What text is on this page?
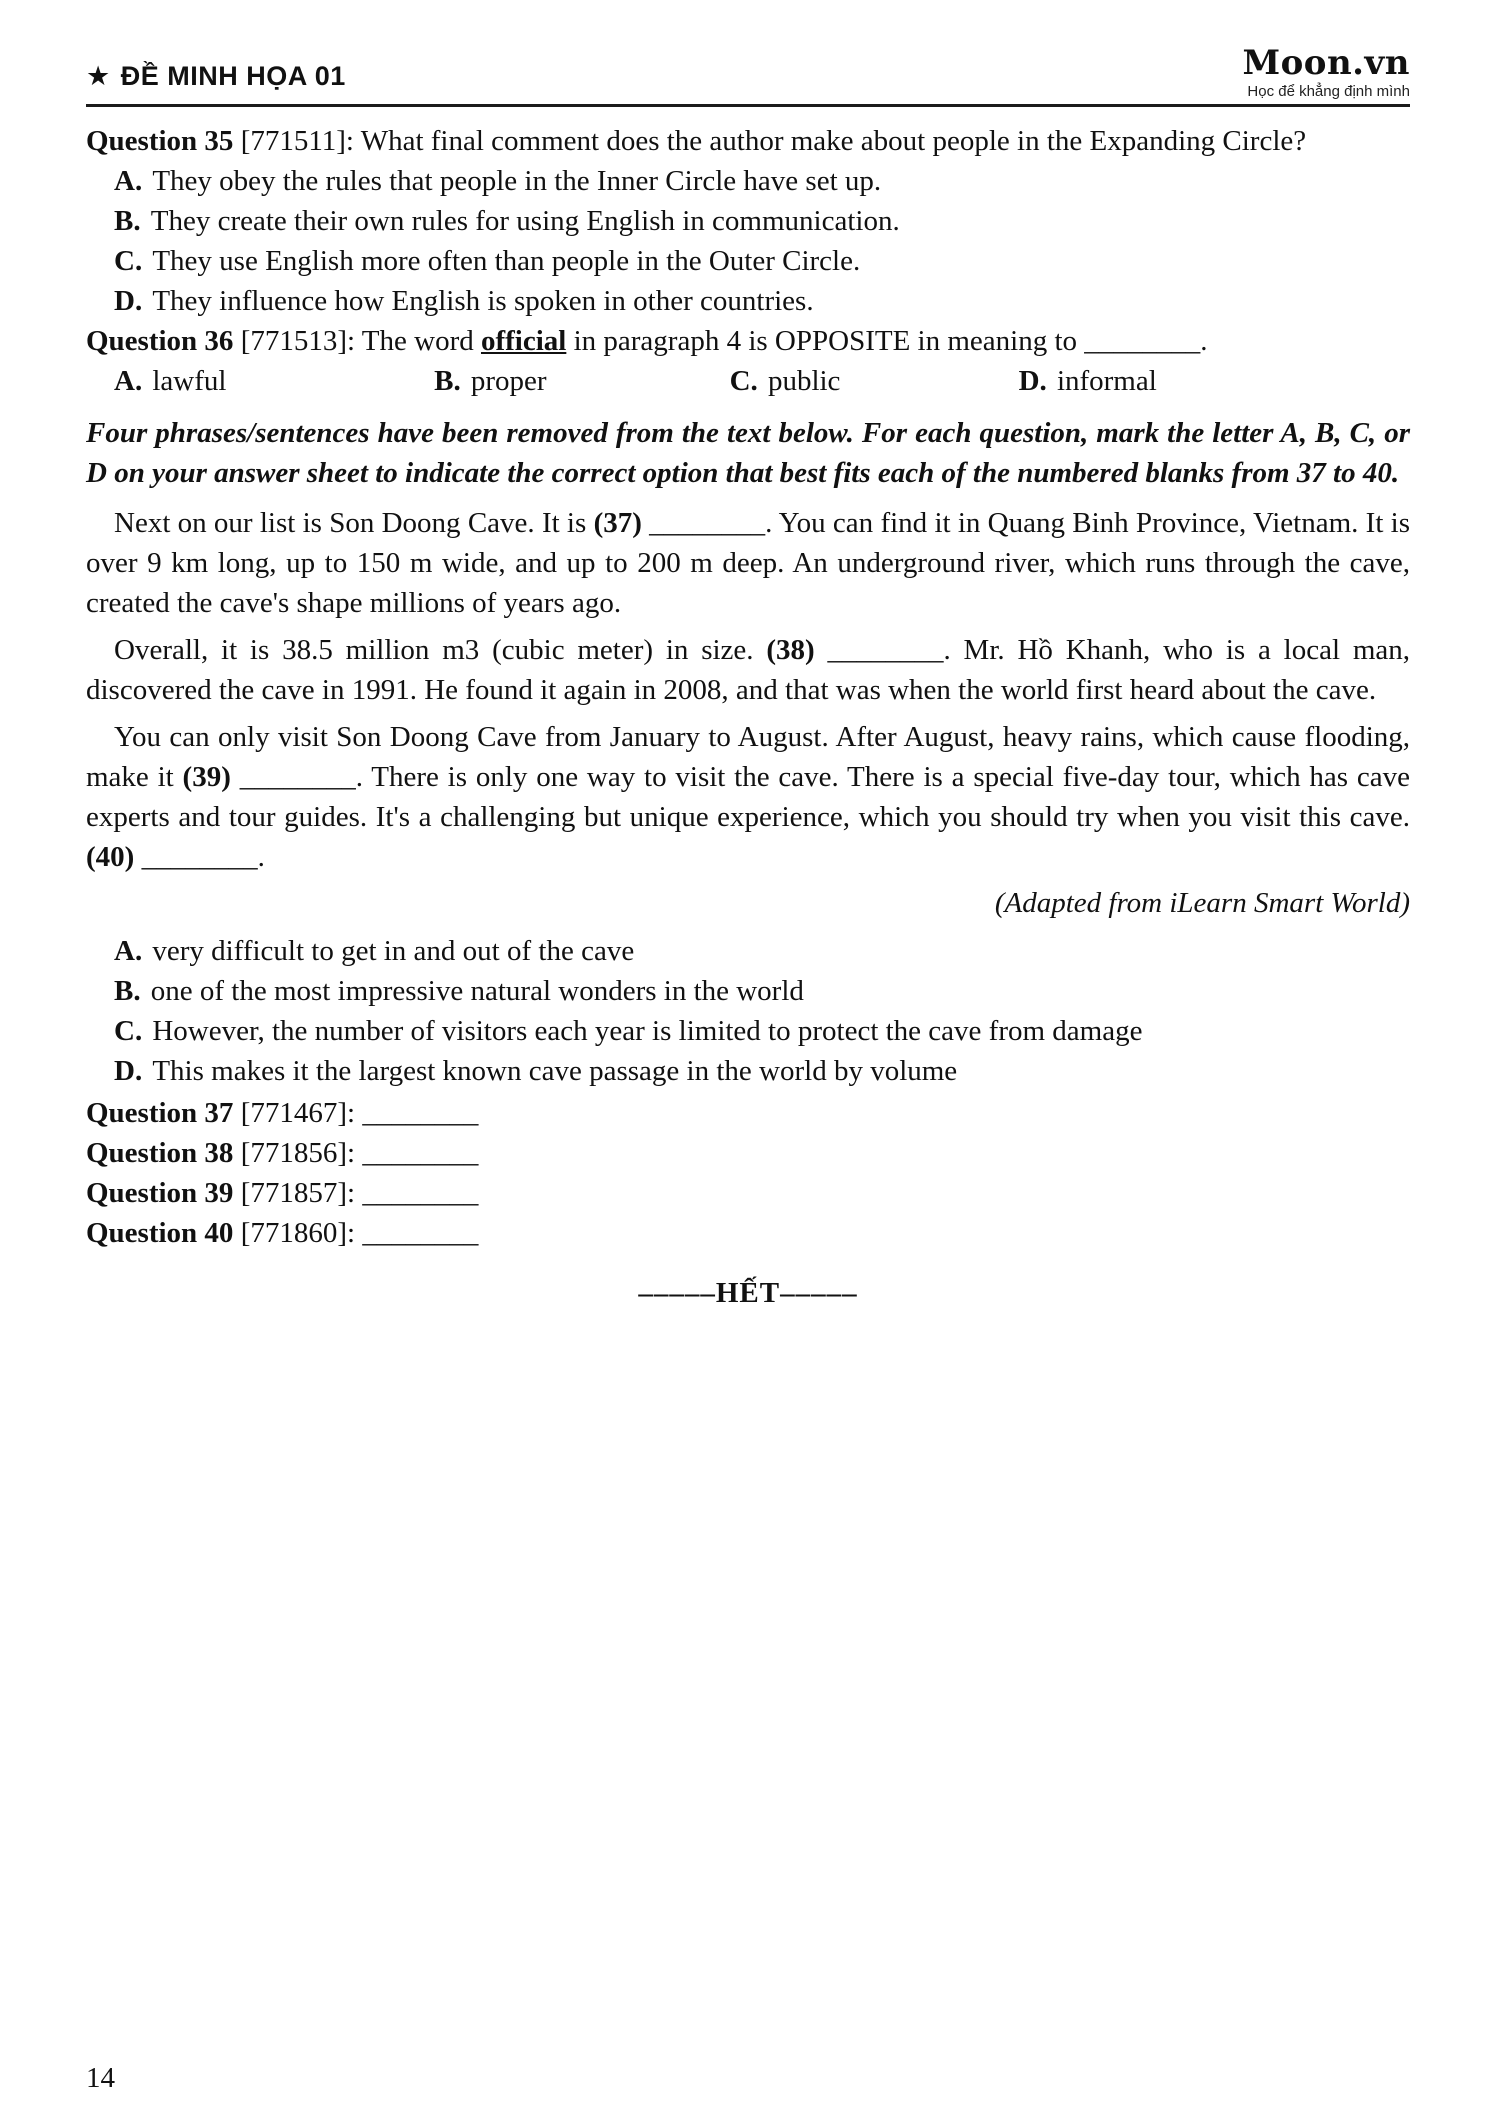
★ ĐỀ MINH HỌA 01	Moon.vn
Học để khẳng định mình
Question 35 [771511]: What final comment does the author make about people in the Expanding Circle?
A. They obey the rules that people in the Inner Circle have set up.
B. They create their own rules for using English in communication.
C. They use English more often than people in the Outer Circle.
D. They influence how English is spoken in other countries.
Question 36 [771513]: The word official in paragraph 4 is OPPOSITE in meaning to ________.
A. lawful	B. proper	C. public	D. informal
Four phrases/sentences have been removed from the text below. For each question, mark the letter A, B, C, or D on your answer sheet to indicate the correct option that best fits each of the numbered blanks from 37 to 40.
Next on our list is Son Doong Cave. It is (37) ________. You can find it in Quang Binh Province, Vietnam. It is over 9 km long, up to 150 m wide, and up to 200 m deep. An underground river, which runs through the cave, created the cave's shape millions of years ago.
Overall, it is 38.5 million m3 (cubic meter) in size. (38) ________. Mr. Hồ Khanh, who is a local man, discovered the cave in 1991. He found it again in 2008, and that was when the world first heard about the cave.
You can only visit Son Doong Cave from January to August. After August, heavy rains, which cause flooding, make it (39) ________. There is only one way to visit the cave. There is a special five-day tour, which has cave experts and tour guides. It's a challenging but unique experience, which you should try when you visit this cave. (40) ________.
(Adapted from iLearn Smart World)
A. very difficult to get in and out of the cave
B. one of the most impressive natural wonders in the world
C. However, the number of visitors each year is limited to protect the cave from damage
D. This makes it the largest known cave passage in the world by volume
Question 37 [771467]: ________
Question 38 [771856]: ________
Question 39 [771857]: ________
Question 40 [771860]: ________
–––––HẾT–––––
14
